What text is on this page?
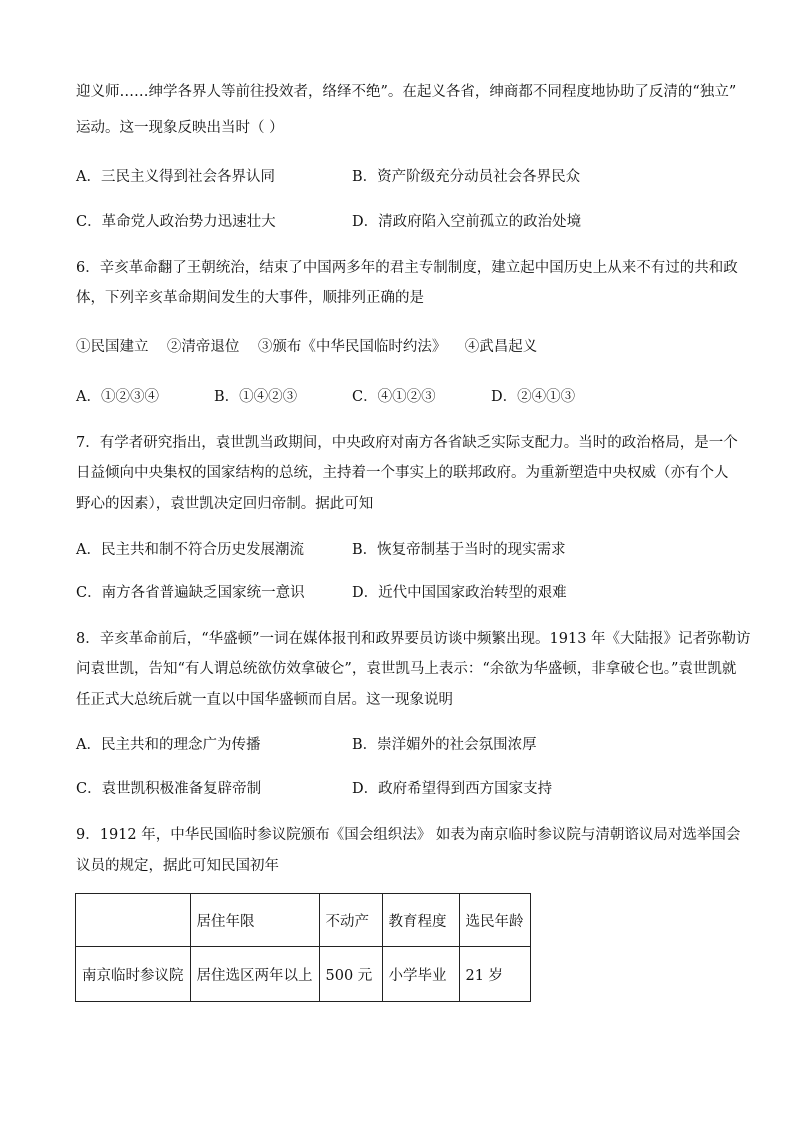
迎义师……绅学各界人等前往投效者，络绎不绝”。在起义各省，绅商都不同程度地协助了反清的“独立”
运动。这一现象反映出当时（ ）
A．三民主义得到社会各界认同	B．资产阶级充分动员社会各界民众
C．革命党人政治势力迅速壮大	D．清政府陷入空前孤立的政治处境
6．辛亥革命翻了王朝统治，结束了中国两多年的君主专制制度，建立起中国历史上从来不有过的共和政
体，下列辛亥革命期间发生的大事件，顺排列正确的是
①民国建立    ②清帝退位    ③颁布《中华民国临时约法》    ④武昌起义
A．①②③④	B．①④②③	C．④①②③	D．②④①③
7．有学者研究指出，袁世凯当政期间，中央政府对南方各省缺乏实际支配力。当时的政治格局，是一个
日益倾向中央集权的国家结构的总统，主持着一个事实上的联邦政府。为重新塑造中央权威（亦有个人
野心的因素），袁世凯决定回归帝制。据此可知
A．民主共和制不符合历史发展潮流	B．恢复帝制基于当时的现实需求
C．南方各省普遍缺乏国家统一意识	D．近代中国国家政治转型的艰难
8．辛亥革命前后，“华盛顿”一词在媒体报刊和政界要员访谈中频繁出现。1913 年《大陆报》记者弥勒访
问袁世凯，告知“有人谓总统欲仿效拿破仑”，袁世凯马上表示：“余欲为华盛顿，非拿破仑也。”袁世凯就
任正式大总统后就一直以中国华盛顿而自居。这一现象说明
A．民主共和的理念广为传播	B．崇洋媚外的社会氛围浓厚
C．袁世凯积极准备复辟帝制	D．政府希望得到西方国家支持
9．1912 年，中华民国临时参议院颁布《国会组织法》 如表为南京临时参议院与清朝谘议局对选举国会
议员的规定，据此可知民国初年
	居住年限	不动产	教育程度	选民年龄
南京临时参议院	居住选区两年以上	500 元	小学毕业	21 岁
